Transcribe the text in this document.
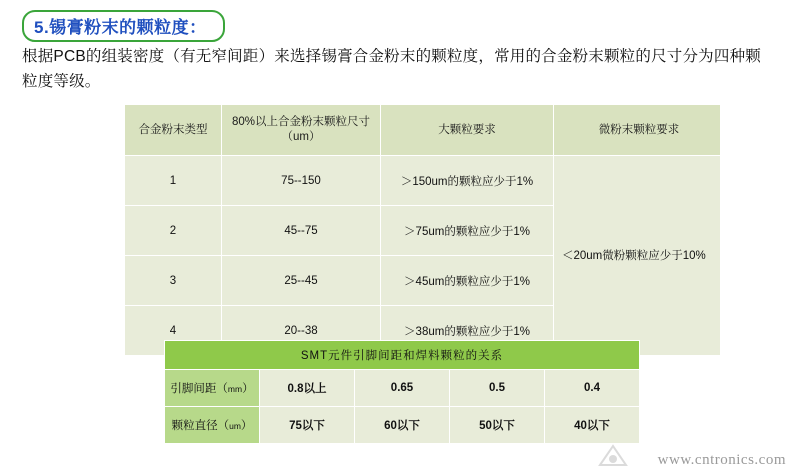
5.锡膏粉末的颗粒度：
根据PCB的组装密度（有无窄间距）来选择锡膏合金粉末的颗粒度，常用的合金粉末颗粒的尺寸分为四种颗粒度等级。
合金粉末类型	80%以上合金粉末颗粒尺寸（um）	大颗粒要求	微粉末颗粒要求
1	75--150	＞150um的颗粒应少于1%	＜20um微粉颗粒应少于10%
2	45--75	＞75um的颗粒应少于1%	
3	25--45	＞45um的颗粒应少于1%	
4	20--38	＞38um的颗粒应少于1%	
SMT元件引脚间距和焊料颗粒的关系				
引脚间距（mm）	0.8以上	0.65	0.5	0.4
颗粒直径（um）	75以下	60以下	50以下	40以下
www.cntronics.com
